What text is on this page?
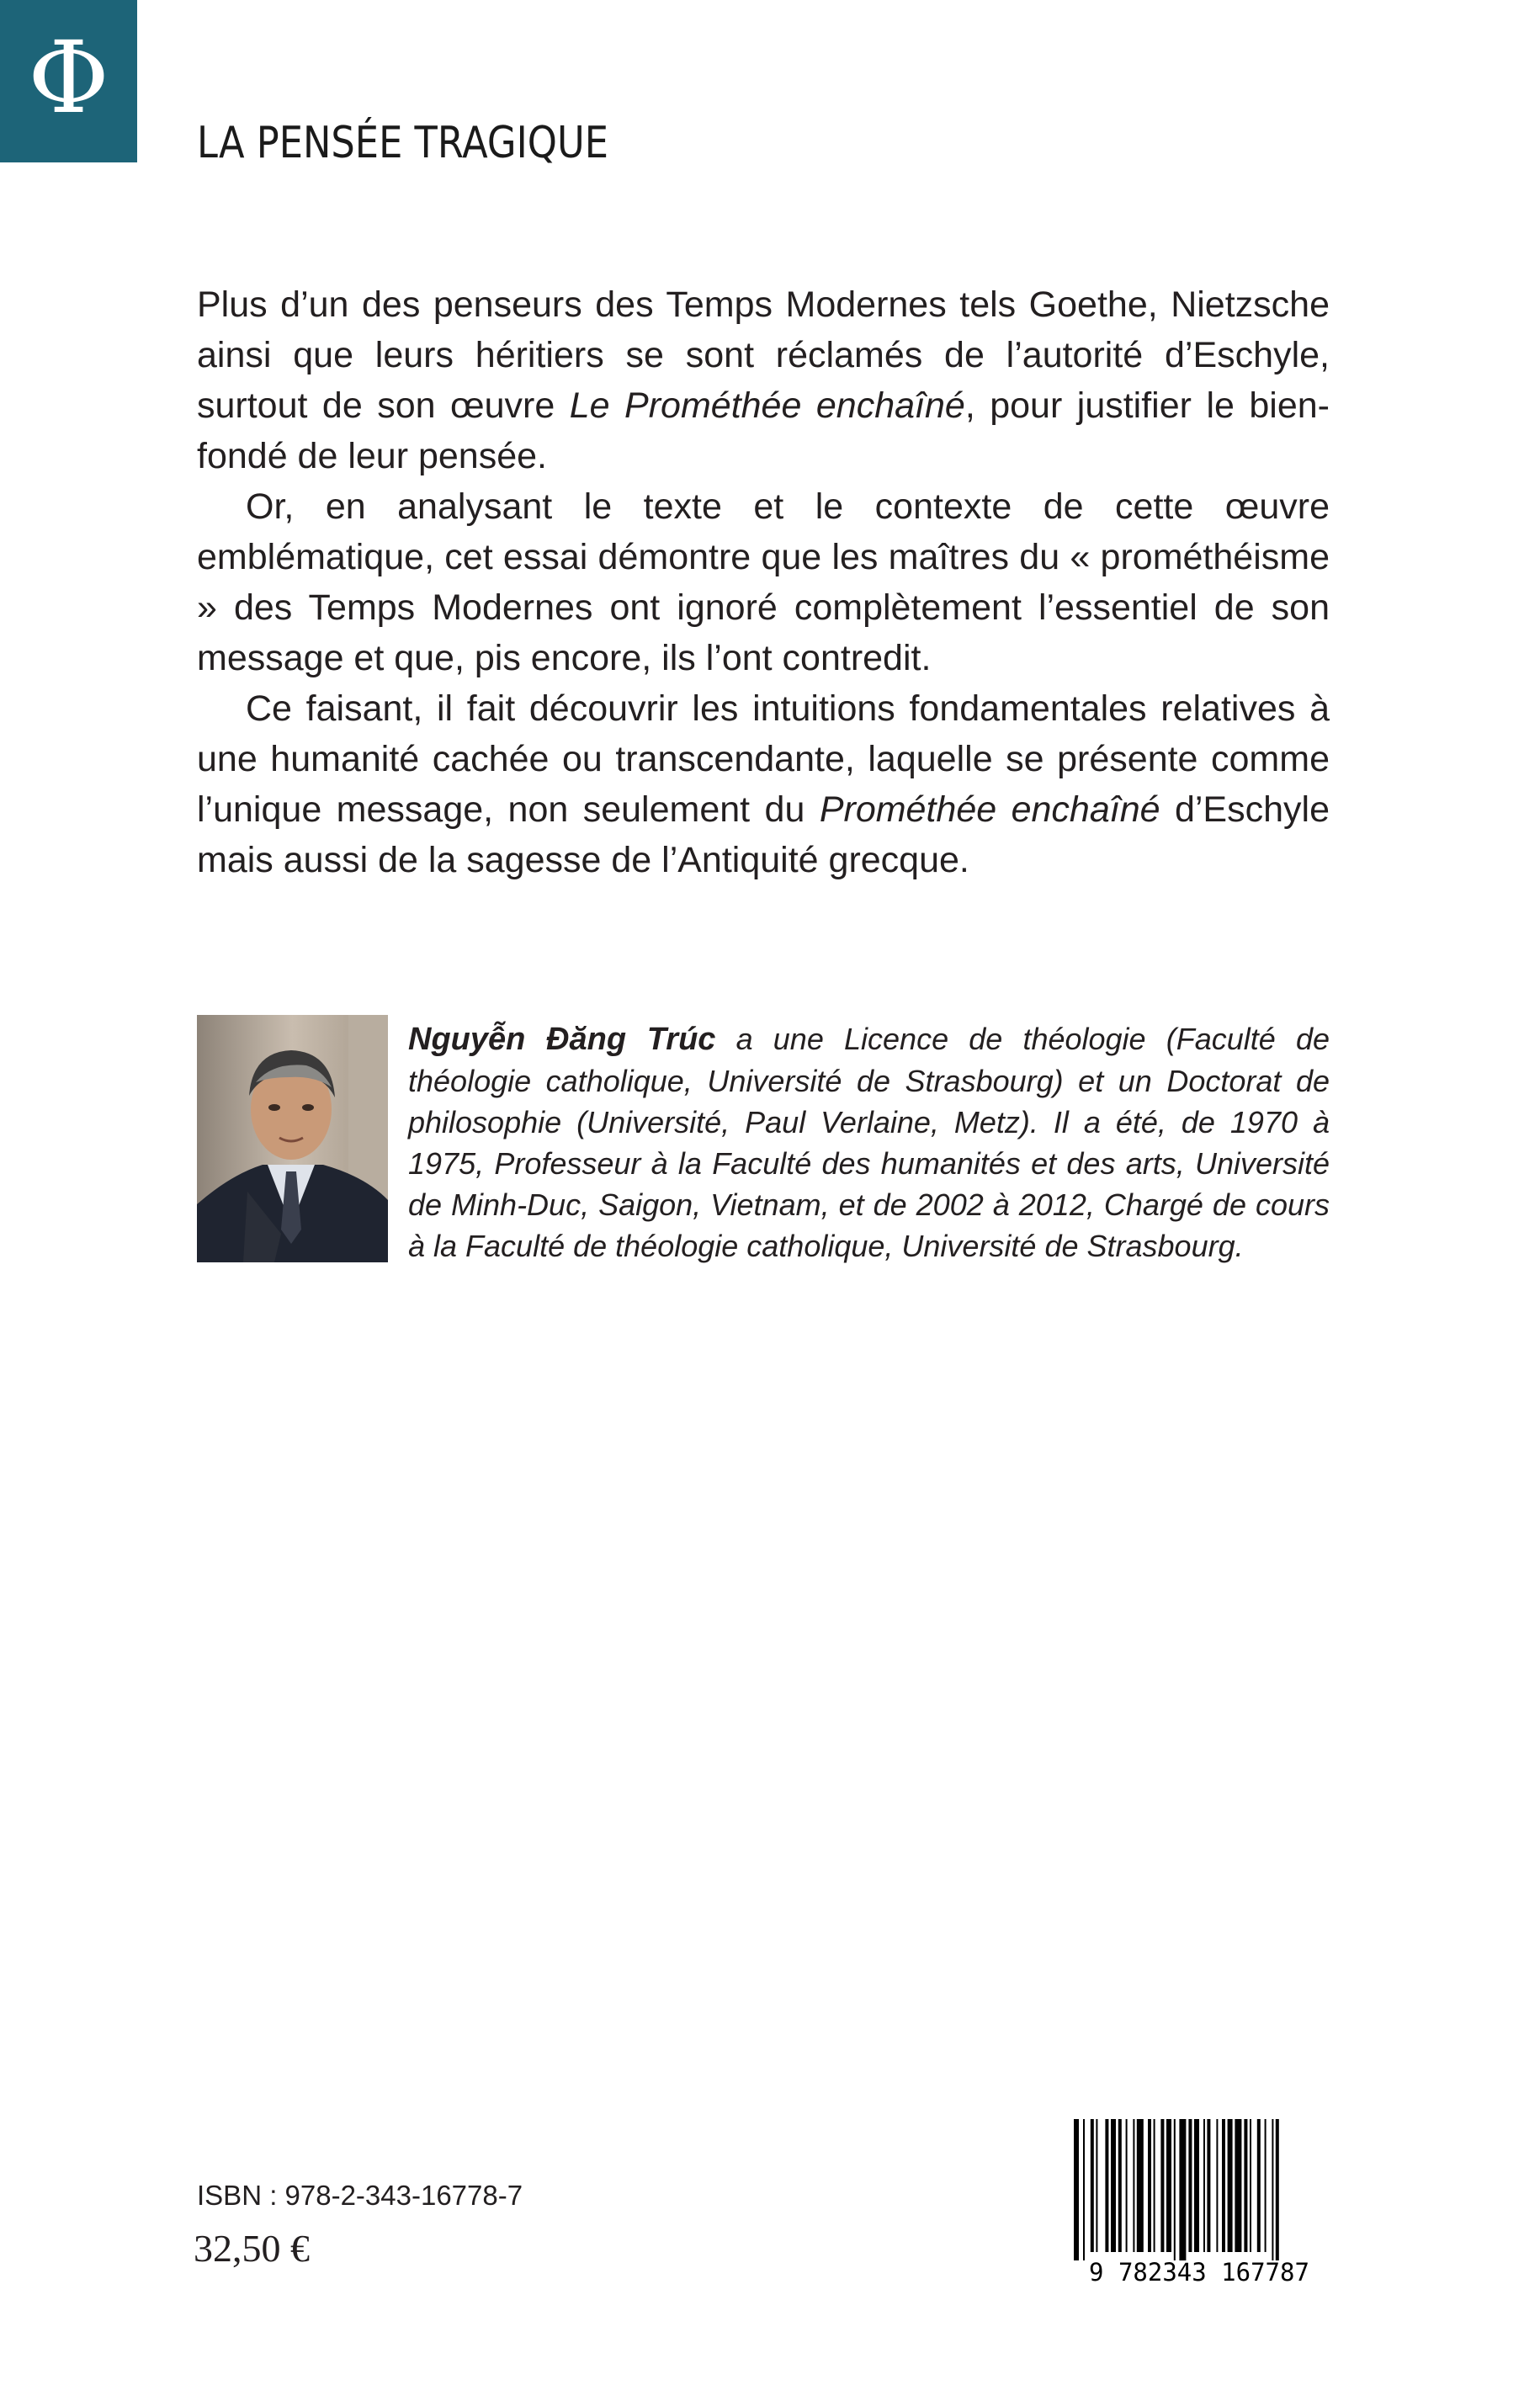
Φ
LA PENSÉE TRAGIQUE

Plus d’un des penseurs des Temps Modernes tels Goethe, Nietzsche ainsi que leurs héritiers se sont réclamés de l’autorité d’Eschyle, surtout de son œuvre Le Prométhée enchaîné, pour justifier le bien-fondé de leur pensée.

Or, en analysant le texte et le contexte de cette œuvre emblématique, cet essai démontre que les maîtres du « prométhéisme » des Temps Modernes ont ignoré complètement l’essentiel de son message et que, pis encore, ils l’ont contredit.

Ce faisant, il fait découvrir les intuitions fondamentales relatives à une humanité cachée ou transcendante, laquelle se présente comme l’unique message, non seulement du Prométhée enchaîné d’Eschyle mais aussi de la sagesse de l’Antiquité grecque.

Nguyễn Đăng Trúc a une Licence de théologie (Faculté de théologie catholique, Université de Strasbourg) et un Doctorat de philosophie (Université, Paul Verlaine, Metz). Il a été, de 1970 à 1975, Professeur à la Faculté des humanités et des arts, Université de Minh-Duc, Saigon, Vietnam, et de 2002 à 2012, Chargé de cours à la Faculté de théologie catholique, Université de Strasbourg.
ISBN : 978-2-343-16778-7
32,50 €
9 782343 167787
